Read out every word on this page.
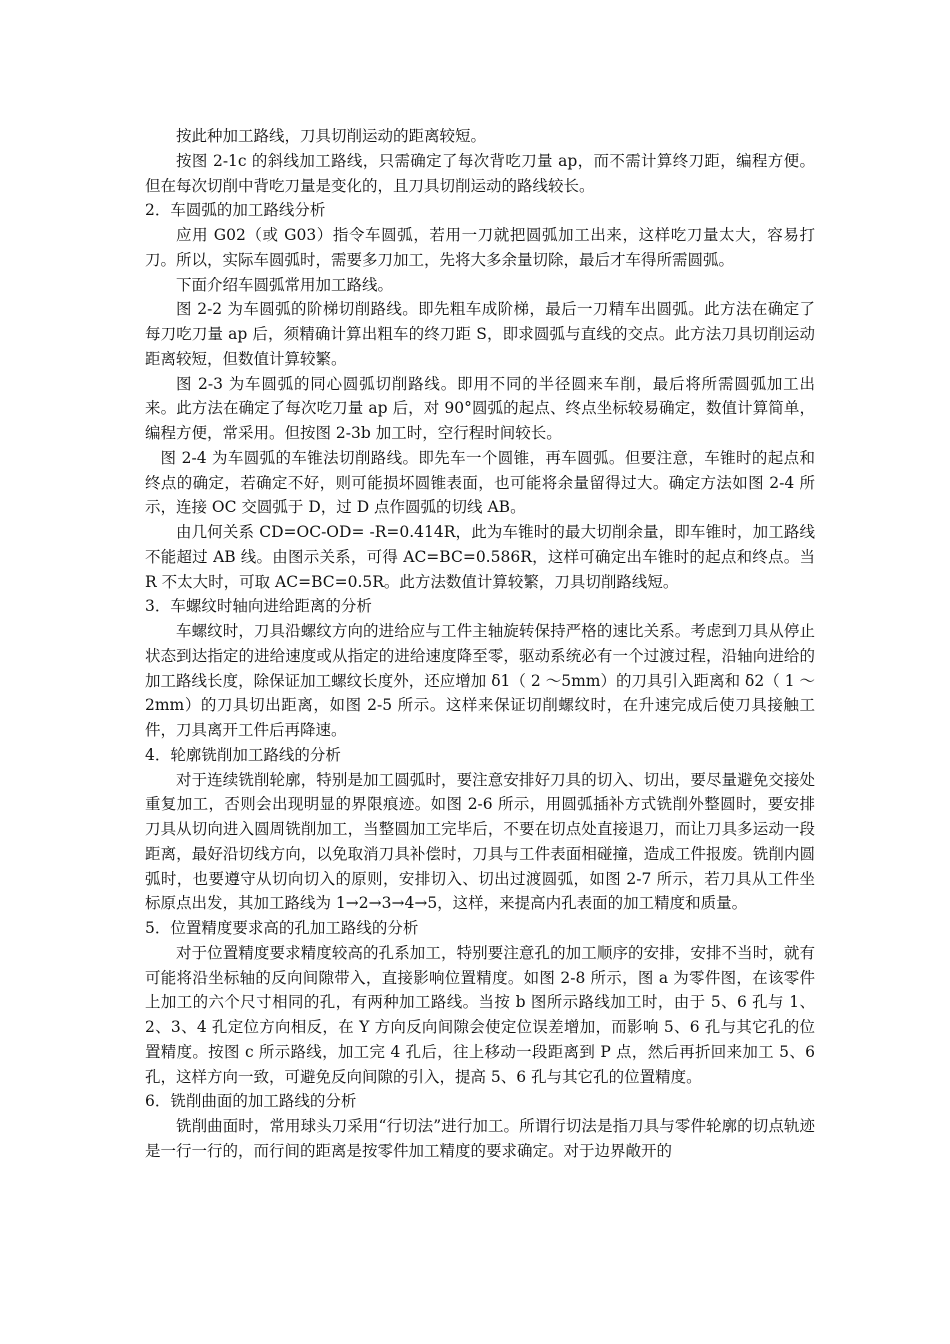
按此种加工路线，刀具切削运动的距离较短。

按图 2-1c 的斜线加工路线，只需确定了每次背吃刀量 ap，而不需计算终刀距，编程方便。但在每次切削中背吃刀量是变化的，且刀具切削运动的路线较长。

2．车圆弧的加工路线分析

应用 G02（或 G03）指令车圆弧，若用一刀就把圆弧加工出来，这样吃刀量太大，容易打刀。所以，实际车圆弧时，需要多刀加工，先将大多余量切除，最后才车得所需圆弧。

下面介绍车圆弧常用加工路线。

图 2-2 为车圆弧的阶梯切削路线。即先粗车成阶梯，最后一刀精车出圆弧。此方法在确定了每刀吃刀量 ap 后，须精确计算出粗车的终刀距 S，即求圆弧与直线的交点。此方法刀具切削运动距离较短，但数值计算较繁。

图 2-3 为车圆弧的同心圆弧切削路线。即用不同的半径圆来车削，最后将所需圆弧加工出来。此方法在确定了每次吃刀量 ap 后，对 90°圆弧的起点、终点坐标较易确定，数值计算简单，编程方便，常采用。但按图 2-3b 加工时，空行程时间较长。

图 2-4 为车圆弧的车锥法切削路线。即先车一个圆锥，再车圆弧。但要注意，车锥时的起点和终点的确定，若确定不好，则可能损坏圆锥表面，也可能将余量留得过大。确定方法如图 2-4 所示，连接 OC 交圆弧于 D，过 D 点作圆弧的切线 AB。

由几何关系 CD=OC-OD= -R=0.414R，此为车锥时的最大切削余量，即车锥时，加工路线不能超过 AB 线。由图示关系，可得 AC=BC=0.586R，这样可确定出车锥时的起点和终点。当 R 不太大时，可取 AC=BC=0.5R。此方法数值计算较繁，刀具切削路线短。

3．车螺纹时轴向进给距离的分析

车螺纹时，刀具沿螺纹方向的进给应与工件主轴旋转保持严格的速比关系。考虑到刀具从停止状态到达指定的进给速度或从指定的进给速度降至零，驱动系统必有一个过渡过程，沿轴向进给的加工路线长度，除保证加工螺纹长度外，还应增加 δ1（ 2 ～5mm）的刀具引入距离和 δ2（ 1 ～2mm）的刀具切出距离，如图 2-5 所示。这样来保证切削螺纹时，在升速完成后使刀具接触工件，刀具离开工件后再降速。

4．轮廓铣削加工路线的分析

对于连续铣削轮廓，特别是加工圆弧时，要注意安排好刀具的切入、切出，要尽量避免交接处重复加工，否则会出现明显的界限痕迹。如图 2-6 所示，用圆弧插补方式铣削外整圆时，要安排刀具从切向进入圆周铣削加工，当整圆加工完毕后，不要在切点处直接退刀，而让刀具多运动一段距离，最好沿切线方向，以免取消刀具补偿时，刀具与工件表面相碰撞，造成工件报废。铣削内圆弧时，也要遵守从切向切入的原则，安排切入、切出过渡圆弧，如图 2-7 所示，若刀具从工件坐标原点出发，其加工路线为 1→2→3→4→5，这样，来提高内孔表面的加工精度和质量。

5．位置精度要求高的孔加工路线的分析

对于位置精度要求精度较高的孔系加工，特别要注意孔的加工顺序的安排，安排不当时，就有可能将沿坐标轴的反向间隙带入，直接影响位置精度。如图 2-8 所示，图 a 为零件图，在该零件上加工的六个尺寸相同的孔，有两种加工路线。当按 b 图所示路线加工时，由于 5、6 孔与 1、2、3、4 孔定位方向相反，在 Y 方向反向间隙会使定位误差增加，而影响 5、6 孔与其它孔的位置精度。按图 c 所示路线，加工完 4 孔后，往上移动一段距离到 P 点，然后再折回来加工 5、6 孔，这样方向一致，可避免反向间隙的引入，提高 5、6 孔与其它孔的位置精度。

6．铣削曲面的加工路线的分析

铣削曲面时，常用球头刀采用“行切法”进行加工。所谓行切法是指刀具与零件轮廓的切点轨迹是一行一行的，而行间的距离是按零件加工精度的要求确定。对于边界敞开的
